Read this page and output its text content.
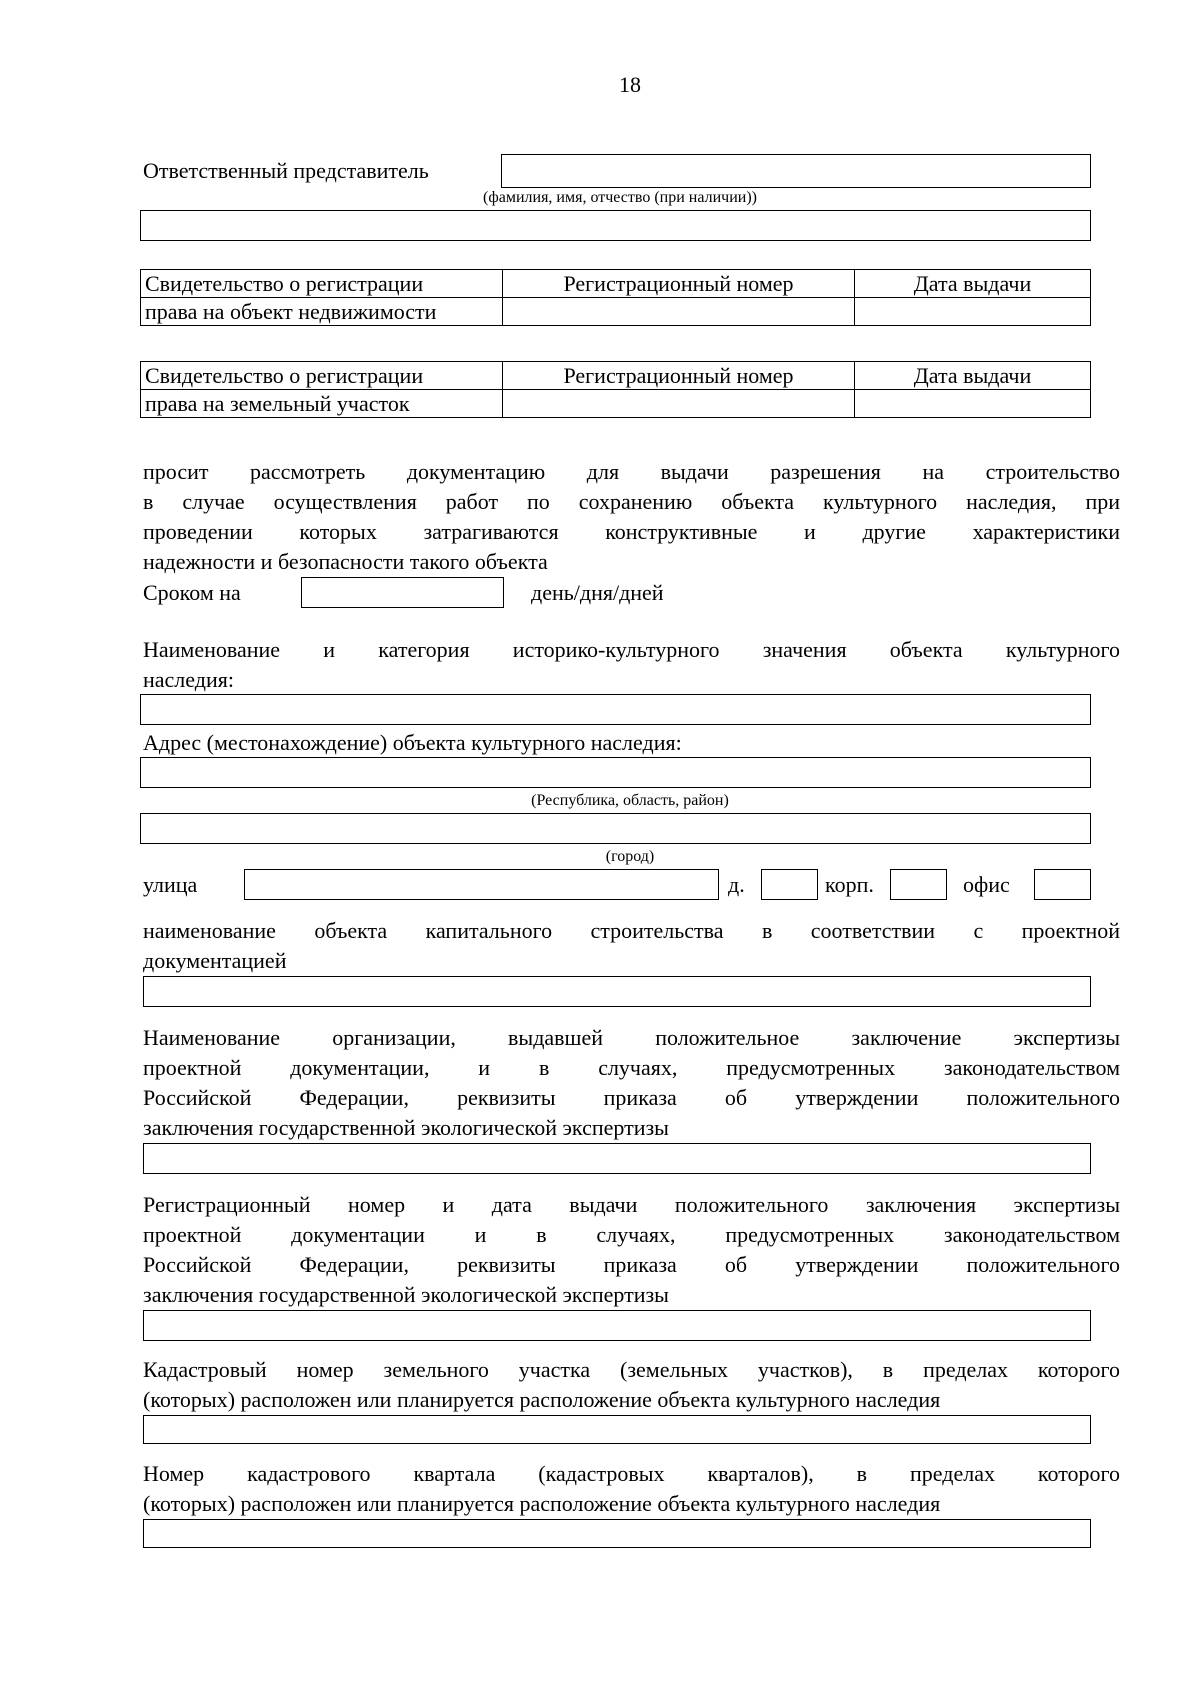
18
Ответственный представитель
(фамилия, имя, отчество (при наличии))
Свидетельство о регистрации	Регистрационный номер	Дата выдачи
права на объект недвижимости		
Свидетельство о регистрации	Регистрационный номер	Дата выдачи
права на земельный участок		
просит рассмотреть документацию для выдачи разрешения на строительство
в случае осуществления работ по сохранению объекта культурного наследия, при
проведении которых затрагиваются конструктивные и другие характеристики
надежности и безопасности такого объекта
Сроком на	день/дня/дней
Наименование и категория историко-культурного значения объекта культурного
наследия:
Адрес (местонахождение) объекта культурного наследия:
(Республика, область, район)
(город)
улица	д.	корп.	офис
наименование объекта капитального строительства в соответствии с проектной
документацией
Наименование организации, выдавшей положительное заключение экспертизы
проектной документации, и в случаях, предусмотренных законодательством
Российской Федерации, реквизиты приказа об утверждении положительного
заключения государственной экологической экспертизы
Регистрационный номер и дата выдачи положительного заключения экспертизы
проектной документации и в случаях, предусмотренных законодательством
Российской Федерации, реквизиты приказа об утверждении положительного
заключения государственной экологической экспертизы
Кадастровый номер земельного участка (земельных участков), в пределах которого
(которых) расположен или планируется расположение объекта культурного наследия
Номер кадастрового квартала (кадастровых кварталов), в пределах которого
(которых) расположен или планируется расположение объекта культурного наследия
